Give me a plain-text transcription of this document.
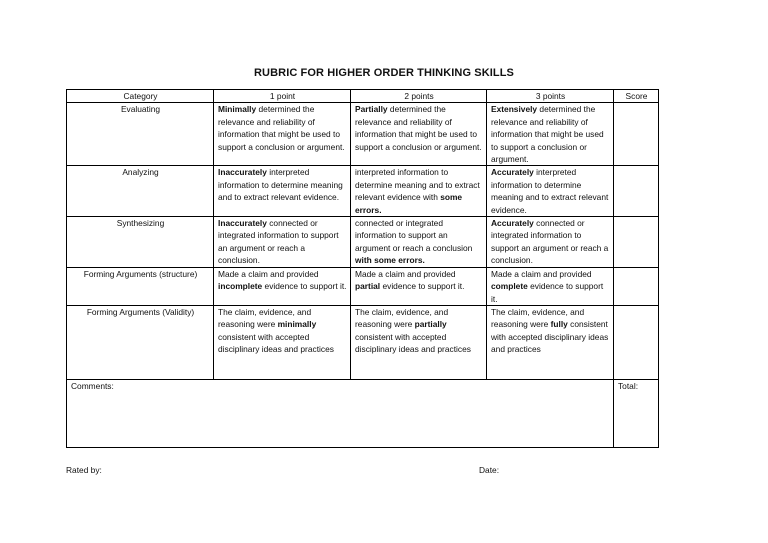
RUBRIC FOR HIGHER ORDER THINKING SKILLS
Category	1 point	2 points	3 points	Score
Evaluating	Minimally determined the relevance and reliability of information that might be used to support a conclusion or argument.	Partially determined the relevance and reliability of information that might be used to support a conclusion or argument.	Extensively determined the relevance and reliability of information that might be used to support a conclusion or argument.	
Analyzing	Inaccurately interpreted information to determine meaning and to extract relevant evidence.	interpreted information to determine meaning and to extract relevant evidence with some errors.	Accurately interpreted information to determine meaning and to extract relevant evidence.	
Synthesizing	Inaccurately connected or integrated information to support an argument or reach a conclusion.	connected or integrated information to support an argument or reach a conclusion with some errors.	Accurately connected or integrated information to support an argument or reach a conclusion.	
Forming Arguments (structure)	Made a claim and provided incomplete evidence to support it.	Made a claim and provided partial evidence to support it.	Made a claim and provided complete evidence to support it.	
Forming Arguments (Validity)	The claim, evidence, and reasoning were minimally consistent with accepted disciplinary ideas and practices	The claim, evidence, and reasoning were partially consistent with accepted disciplinary ideas and practices	The claim, evidence, and reasoning were fully consistent with accepted disciplinary ideas and practices	
Comments:				Total:
Rated by:	Date:
